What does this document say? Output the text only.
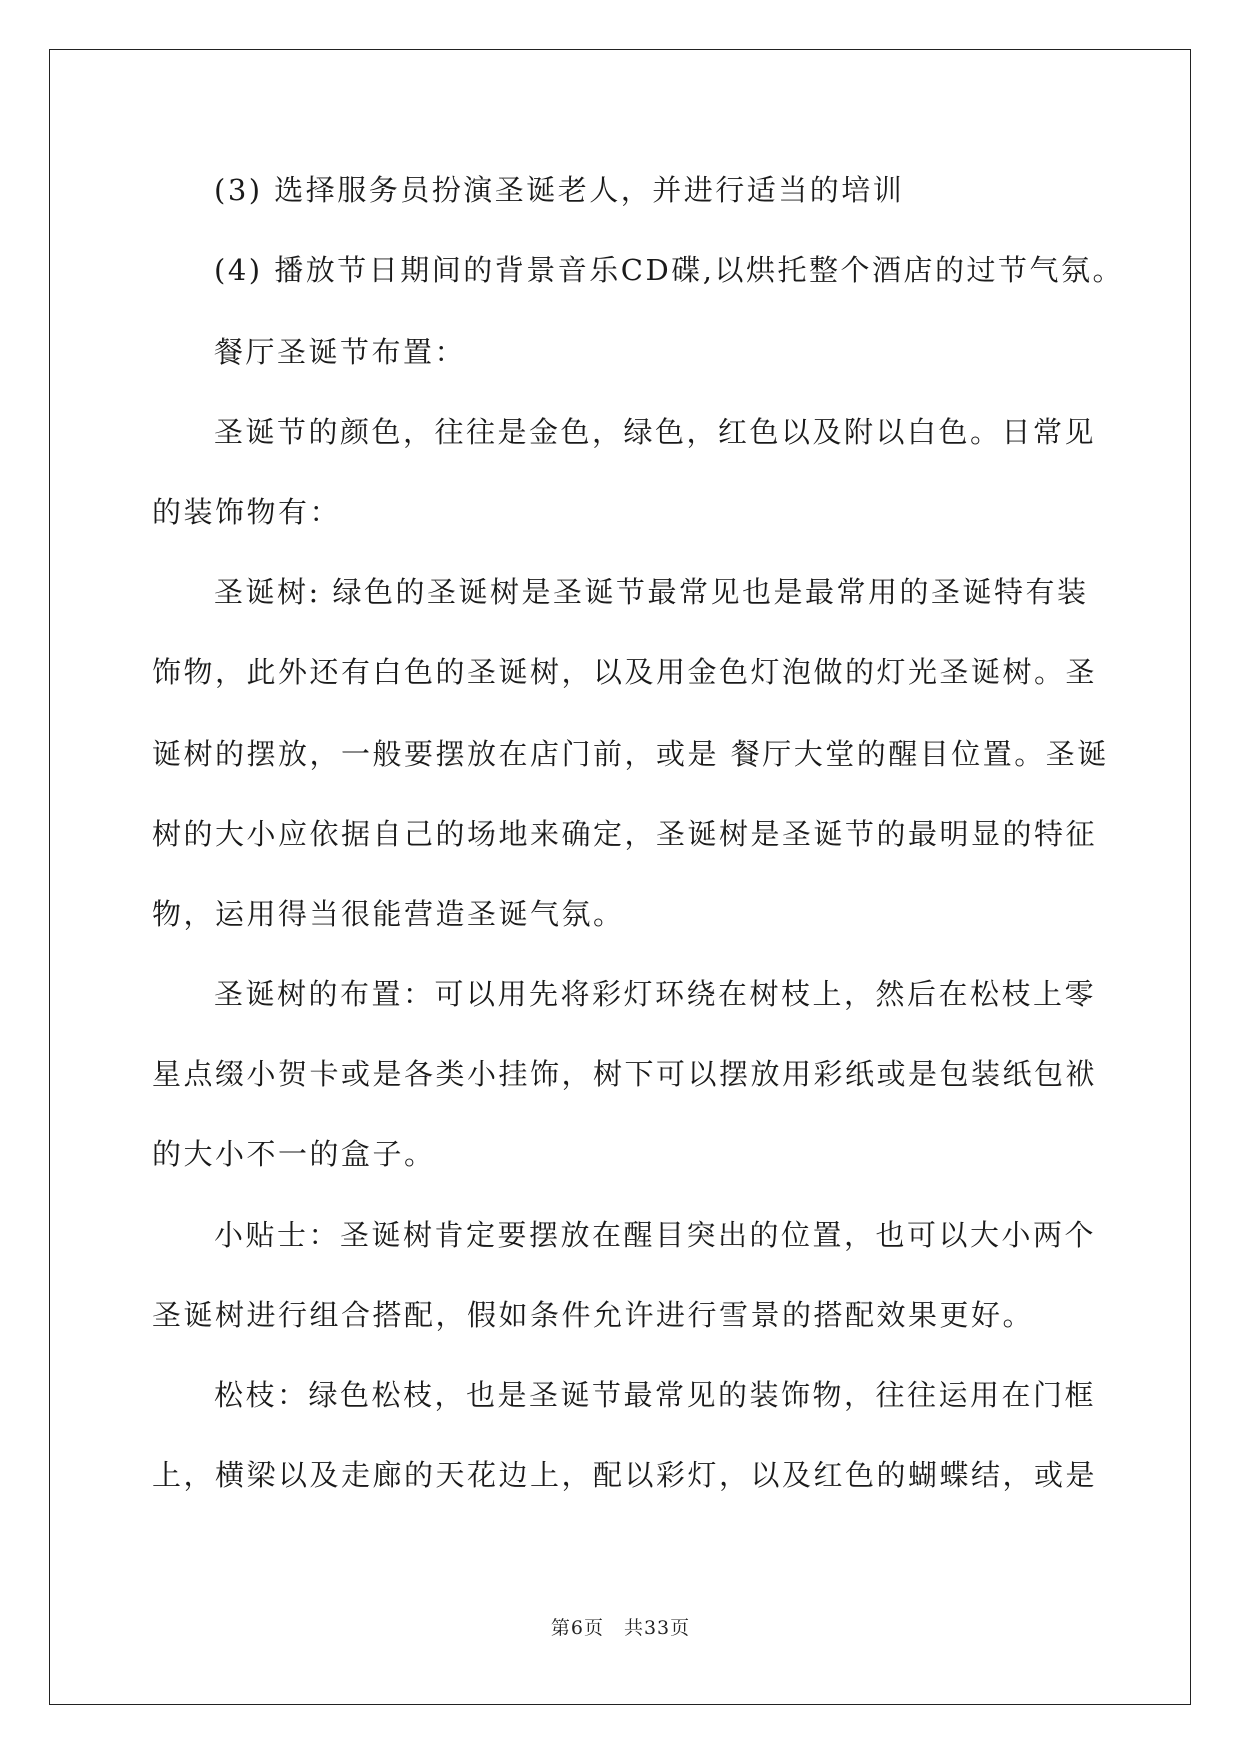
(3) 选择服务员扮演圣诞老人，并进行适当的培训
(4) 播放节日期间的背景音乐CD碟,以烘托整个酒店的过节气氛。
餐厅圣诞节布置：
圣诞节的颜色，往往是金色，绿色，红色以及附以白色。日常见
的装饰物有：
圣诞树: 绿色的圣诞树是圣诞节最常见也是最常用的圣诞特有装
饰物，此外还有白色的圣诞树，以及用金色灯泡做的灯光圣诞树。圣
诞树的摆放，一般要摆放在店门前，或是 餐厅大堂的醒目位置。圣诞
树的大小应依据自己的场地来确定，圣诞树是圣诞节的最明显的特征
物，运用得当很能营造圣诞气氛。
圣诞树的布置：可以用先将彩灯环绕在树枝上，然后在松枝上零
星点缀小贺卡或是各类小挂饰，树下可以摆放用彩纸或是包装纸包袱
的大小不一的盒子。
小贴士：圣诞树肯定要摆放在醒目突出的位置，也可以大小两个
圣诞树进行组合搭配，假如条件允许进行雪景的搭配效果更好。
松枝：绿色松枝，也是圣诞节最常见的装饰物，往往运用在门框
上，横梁以及走廊的天花边上，配以彩灯，以及红色的蝴蝶结，或是
第6页　共33页
